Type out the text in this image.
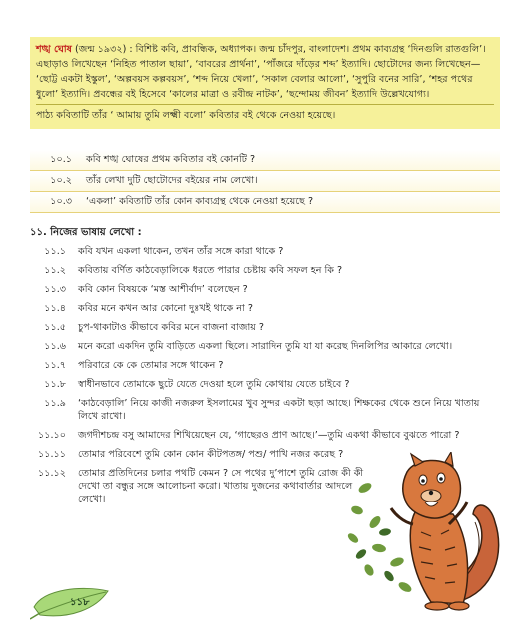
শঙ্খ ঘোষ (জন্ম ১৯৩২) : বিশিষ্ট কবি, প্রাবন্ধিক, অধ্যাপক। জন্ম চাঁদপুর, বাংলাদেশ। প্রথম কাব্যগ্রন্থ ‘দিনগুলি রাতগুলি’। এছাড়াও লিখেছেন ‘নিহিত পাতাল ছায়া’, ‘বাবরের প্রার্থনা’, ‘পাঁজরে দাঁড়ের শব্দ’ ইত্যাদি। ছোটোদের জন্য লিখেছেন— ‘ছোট্ট একটা ইস্কুল’, ‘অল্পবয়স কল্পবয়স’, ‘শব্দ নিয়ে খেলা’, ‘সকাল বেলার আলো’, ‘সুপুরি বনের সারি’, ‘শহর পথের ধুলো’ ইত্যাদি। প্রবন্ধের বই হিসেবে ‘কালের মাত্রা ও রবীন্দ্র নাটক’, ‘ছন্দোময় জীবন’ ইত্যাদি উল্লেখযোগ্য।

পাঠ্য কবিতাটি তাঁর ‘ আমায় তুমি লক্ষ্মী বলো’ কবিতার বই থেকে নেওয়া হয়েছে।
১০.১	কবি শঙ্খ ঘোষের প্রথম কবিতার বই কোনটি ?
১০.২	তাঁর লেখা দুটি ছোটোদের বইয়ের নাম লেখো।
১০.৩	‘একলা’ কবিতাটি তাঁর কোন কাব্যগ্রন্থ থেকে নেওয়া হয়েছে ?
১১. নিজের ভাষায় লেখো :
১১.১	কবি যখন একলা থাকেন, তখন তাঁর সঙ্গে কারা থাকে ?
১১.২	কবিতায় বর্ণিত কাঠবেড়ালিকে ধরতে পারার চেষ্টায় কবি সফল হন কি ?
১১.৩	কবি কোন বিষয়কে ‘মস্ত আশীর্বাদ’ বলেছেন ?
১১.৪	কবির মনে কখন আর কোনো দুঃখই থাকে না ?
১১.৫	চুপ-থাকাটাও কীভাবে কবির মনে বাজনা বাজায় ?
১১.৬	মনে করো একদিন তুমি বাড়িতে একলা ছিলে। সারাদিন তুমি যা যা করেছ দিনলিপির আকারে লেখো।
১১.৭	পরিবারে কে কে তোমার সঙ্গে থাকেন ?
১১.৮	স্বাধীনভাবে তোমাকে ছুটে যেতে দেওয়া হলে তুমি কোথায় যেতে চাইবে ?
১১.৯	‘কাঠবেড়ালি’ নিয়ে কাজী নজরুল ইসলামের খুব সুন্দর একটা ছড়া আছে। শিক্ষকের থেকে শুনে নিয়ে খাতায় লিখে রাখো।
১১.১০	জগদীশচন্দ্র বসু আমাদের শিখিয়েছেন যে, ‘গাছেরও প্রাণ আছে।’—তুমি একথা কীভাবে বুঝতে পারো ?
১১.১১	তোমার পরিবেশে তুমি কোন কোন কীটপতঙ্গ/ পশু/ পাখি নজর করেছ ?
১১.১২	তোমার প্রতিদিনের চলার পথটি কেমন ? সে পথের দু’পাশে তুমি রোজ কী কী দেখো তা বন্ধুর সঙ্গে আলোচনা করো। খাতায় দুজনের কথাবার্তার আদলে লেখো।
১১৮
